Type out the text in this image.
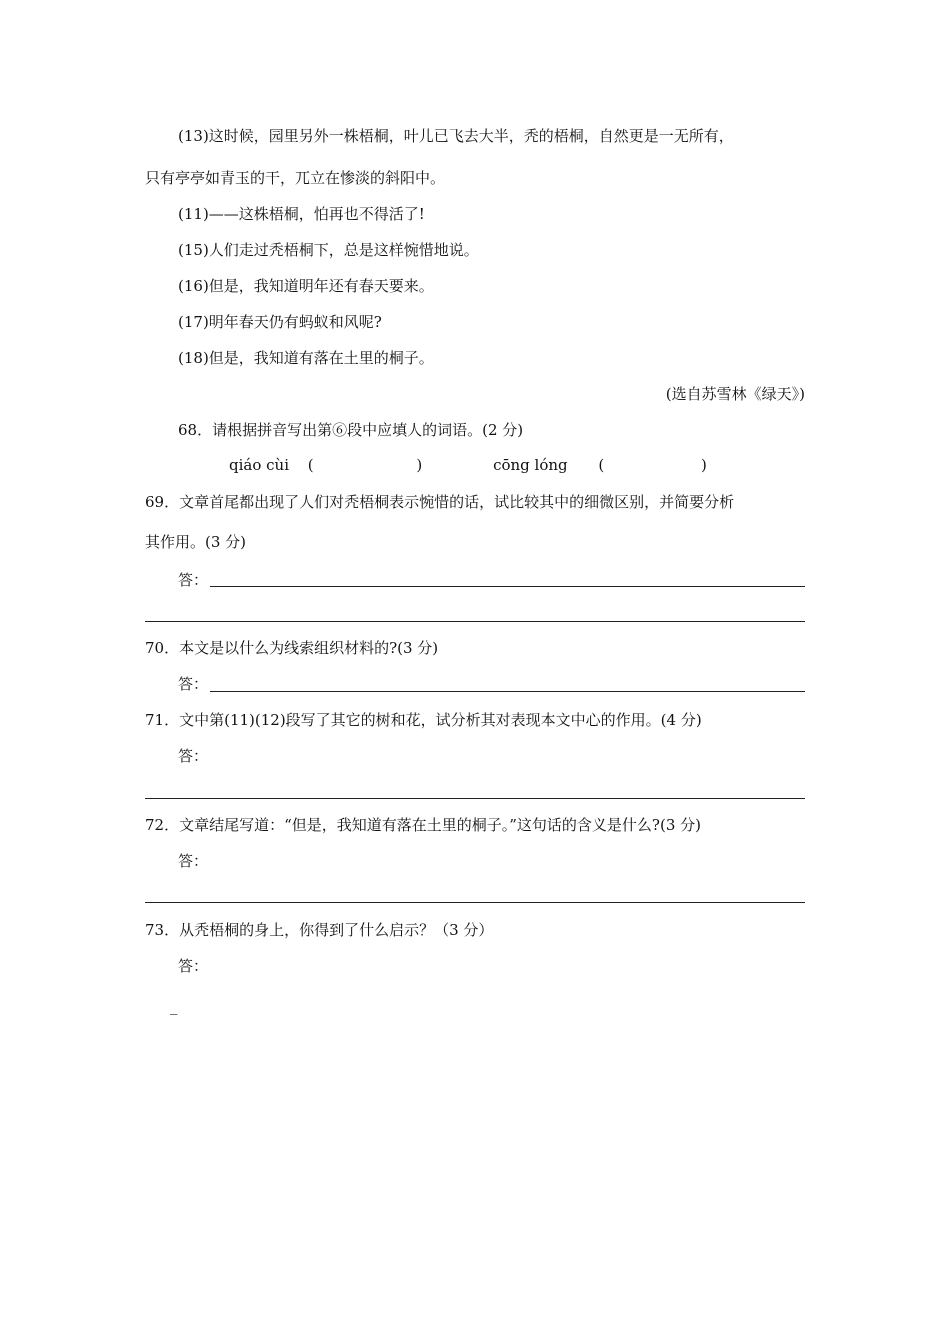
(13)这时候，园里另外一株梧桐，叶儿已飞去大半，秃的梧桐，自然更是一无所有，
只有亭亭如青玉的干，兀立在惨淡的斜阳中。
(11)——这株梧桐，怕再也不得活了!
(15)人们走过秃梧桐下，总是这样惋惜地说。
(16)但是，我知道明年还有春天要来。
(17)明年春天仍有蚂蚁和风呢?
(18)但是，我知道有落在土里的桐子。
(选自苏雪林《绿天》)
68．请根据拼音写出第⑥段中应填人的词语。(2 分)
qiáo cùi (	)	cōng lóng (	)
69．文章首尾都出现了人们对秃梧桐表示惋惜的话，试比较其中的细微区别，并简要分析
其作用。(3 分)
答：
70．本文是以什么为线索组织材料的?(3 分)
答：
71．文中第(11)(12)段写了其它的树和花，试分析其对表现本文中心的作用。(4 分)
答：
72．文章结尾写道：“但是，我知道有落在土里的桐子。”这句话的含义是什么?(3 分)
答：
73．从秃梧桐的身上，你得到了什么启示？（3 分）
答：
_
